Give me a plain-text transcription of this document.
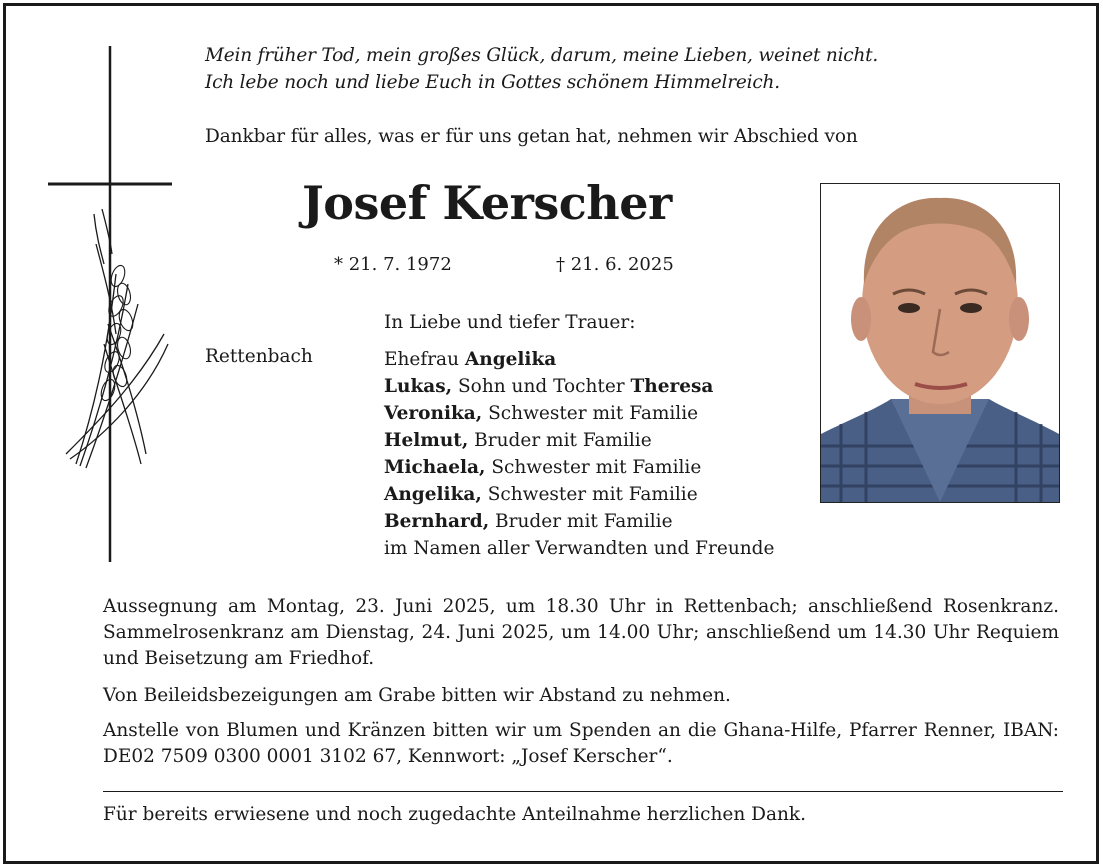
Mein früher Tod, mein großes Glück, darum, meine Lieben, weinet nicht.
Ich lebe noch und liebe Euch in Gottes schönem Himmelreich.
Dankbar für alles, was er für uns getan hat, nehmen wir Abschied von
Josef Kerscher
* 21. 7. 1972	† 21. 6. 2025
In Liebe und tiefer Trauer:
Rettenbach	Ehefrau Angelika
Lukas, Sohn und Tochter Theresa
Veronika, Schwester mit Familie
Helmut, Bruder mit Familie
Michaela, Schwester mit Familie
Angelika, Schwester mit Familie
Bernhard, Bruder mit Familie
im Namen aller Verwandten und Freunde
Aussegnung am Montag, 23. Juni 2025, um 18.30 Uhr in Rettenbach; anschließend Rosenkranz. Sammelrosenkranz am Dienstag, 24. Juni 2025, um 14.00 Uhr; anschließend um 14.30 Uhr Requiem und Beisetzung am Friedhof.
Von Beileidsbezeigungen am Grabe bitten wir Abstand zu nehmen.
Anstelle von Blumen und Kränzen bitten wir um Spenden an die Ghana-Hilfe, Pfarrer Renner, IBAN: DE02 7509 0300 0001 3102 67, Kennwort: „Josef Kerscher“.
Für bereits erwiesene und noch zugedachte Anteilnahme herzlichen Dank.
